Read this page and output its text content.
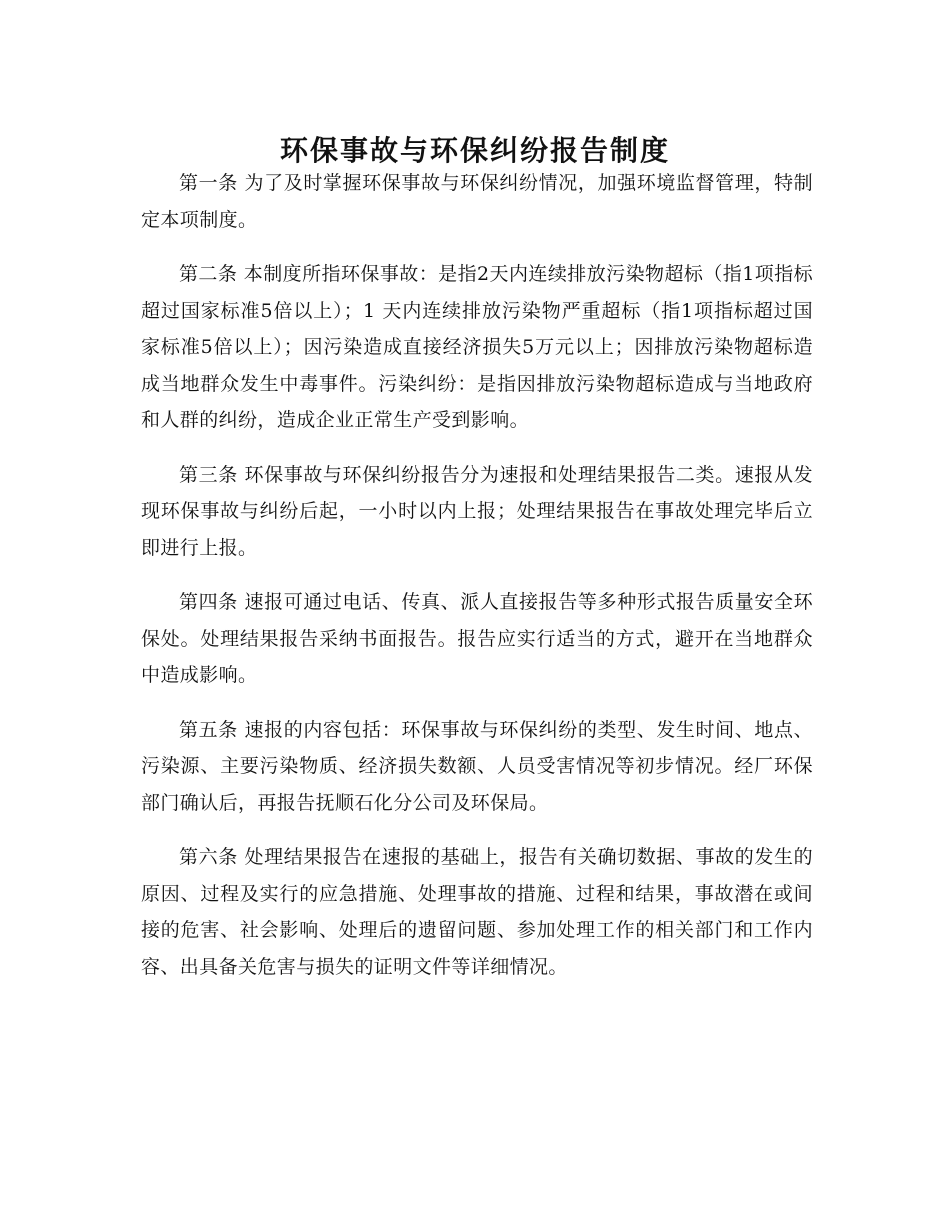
环保事故与环保纠纷报告制度

第一条 为了及时掌握环保事故与环保纠纷情况，加强环境监督管理，特制定本项制度。

第二条 本制度所指环保事故：是指2天内连续排放污染物超标（指1项指标超过国家标准5倍以上）；1 天内连续排放污染物严重超标（指1项指标超过国家标准5倍以上）；因污染造成直接经济损失5万元以上；因排放污染物超标造成当地群众发生中毒事件。污染纠纷：是指因排放污染物超标造成与当地政府和人群的纠纷，造成企业正常生产受到影响。

第三条 环保事故与环保纠纷报告分为速报和处理结果报告二类。速报从发现环保事故与纠纷后起，一小时以内上报；处理结果报告在事故处理完毕后立即进行上报。

第四条 速报可通过电话、传真、派人直接报告等多种形式报告质量安全环保处。处理结果报告采纳书面报告。报告应实行适当的方式，避开在当地群众中造成影响。

第五条 速报的内容包括：环保事故与环保纠纷的类型、发生时间、地点、污染源、主要污染物质、经济损失数额、人员受害情况等初步情况。经厂环保部门确认后，再报告抚顺石化分公司及环保局。

第六条 处理结果报告在速报的基础上，报告有关确切数据、事故的发生的原因、过程及实行的应急措施、处理事故的措施、过程和结果，事故潜在或间接的危害、社会影响、处理后的遗留问题、参加处理工作的相关部门和工作内容、出具备关危害与损失的证明文件等详细情况。
